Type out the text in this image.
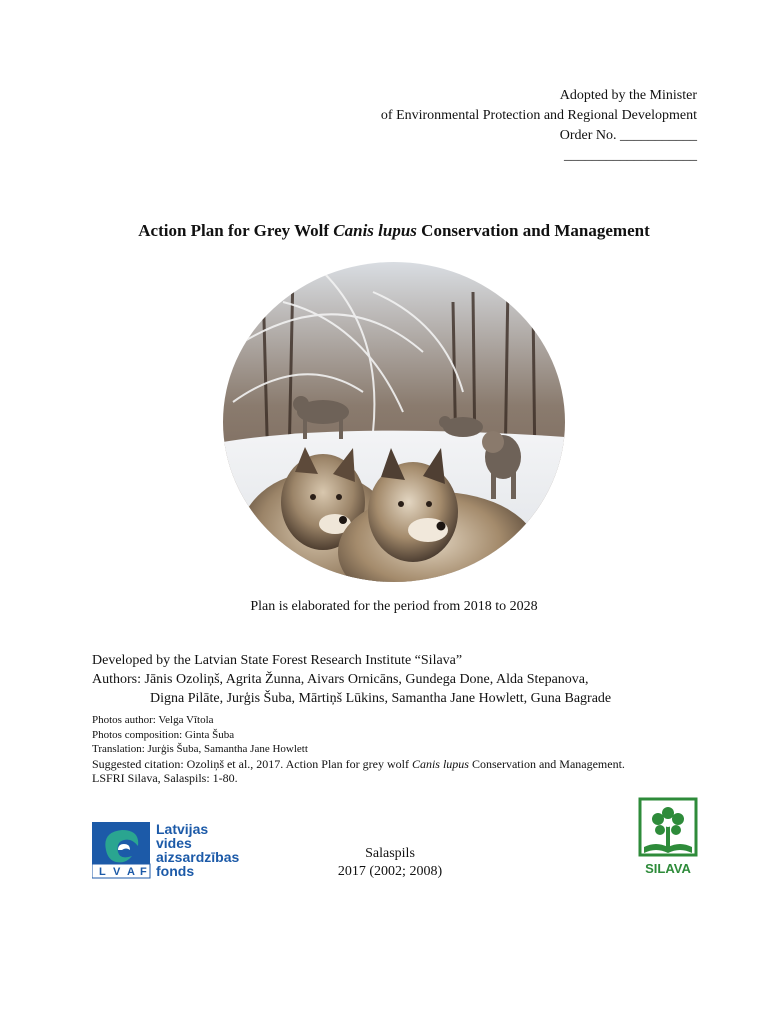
Adopted by the Minister
of Environmental Protection and Regional Development
Order No. ___________
___________________
Action Plan for Grey Wolf Canis lupus Conservation and Management
Plan is elaborated for the period from 2018 to 2028
Developed by the Latvian State Forest Research Institute “Silava”
Authors: Jānis Ozoliņš, Agrita Žunna, Aivars Ornicāns, Gundega Done, Alda Stepanova,
Digna Pilāte, Jurģis Šuba, Mārtiņš Lūkins, Samantha Jane Howlett, Guna Bagrade
Photos author: Velga Vītola
Photos composition: Ginta Šuba
Translation: Jurģis Šuba, Samantha Jane Howlett
Suggested citation: Ozoliņš et al., 2017. Action Plan for grey wolf Canis lupus Conservation and Management.
LSFRI Silava, Salaspils: 1-80.
L V A F
Latvijas
vides
aizsardzības
fonds
Salaspils
2017 (2002; 2008)	SILAVA
